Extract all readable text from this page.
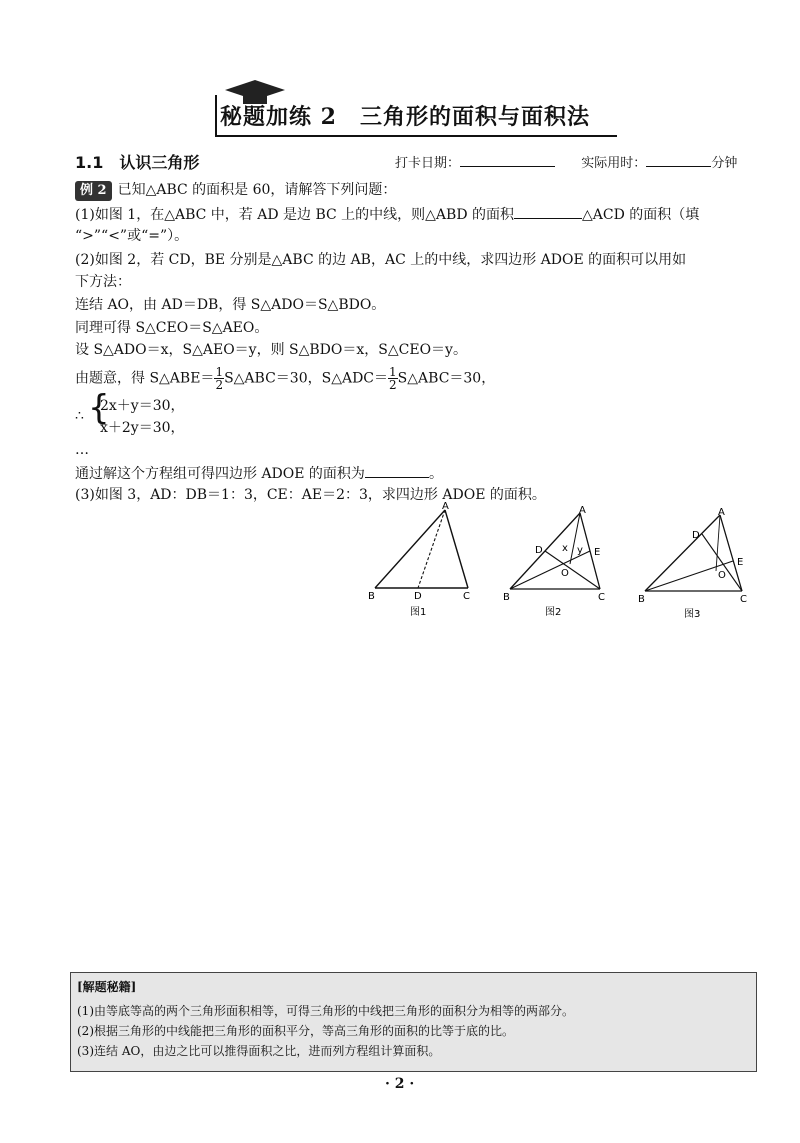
秘题加练 2　三角形的面积与面积法
1.1　认识三角形	打卡日期：	实际用时：	分钟
例 2 已知△ABC 的面积是 60，请解答下列问题：
(1)如图 1，在△ABC 中，若 AD 是边 BC 上的中线，则△ABD 的面积	△ACD 的面积（填
“>”“<”或“=”）。
(2)如图 2，若 CD，BE 分别是△ABC 的边 AB，AC 上的中线，求四边形 ADOE 的面积可以用如
下方法：
连结 AO，由 AD＝DB，得 S△ADO＝S△BDO。
同理可得 S△CEO＝S△AEO。
设 S△ADO＝x，S△AEO＝y，则 S△BDO＝x，S△CEO＝y。
由题意，得 S△ABE＝ $\frac{1}{2}$ S△ABC＝30，S△ADC＝ $\frac{1}{2}$ S△ABC＝30，
∴ {
2x＋y＝30，
x＋2y＝30，
…
通过解这个方程组可得四边形 ADOE 的面积为	。
(3)如图 3，AD：DB＝1：3，CE：AE＝2：3，求四边形 ADOE 的面积。
A
B	D	C
图1
A
D	E
O
x y
B	C
图2
A
D
E
O
B	C
图3
[解题秘籍]
(1)由等底等高的两个三角形面积相等，可得三角形的中线把三角形的面积分为相等的两部分。
(2)根据三角形的中线能把三角形的面积平分，等高三角形的面积的比等于底的比。
(3)连结 AO，由边之比可以推得面积之比，进而列方程组计算面积。
· 2 ·
